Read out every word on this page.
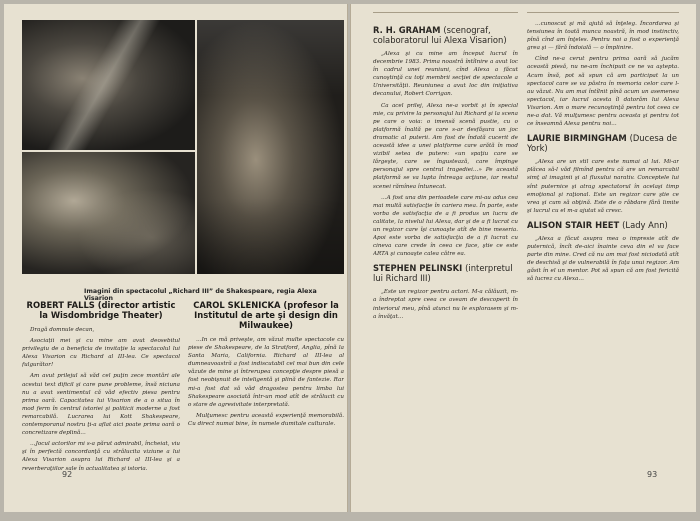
Imagini din spectacolul „Richard III” de Shakespeare, regia Alexa Visarion
ROBERT FALLS (director artistic la Wisdombridge Theater)

Dragă domnule decan,

Asociații mei şi cu mine am avut deosebitul privilegiu de a beneficia de invitaţie la spectacolul lui Alexa Visarion cu Richard al III-lea. Ce spectacol fulgurător!

Am avut prilejul să văd cel puţin zece montări ale acestui text dificil şi care pune probleme, însă niciuna nu a avut sentimentul că văd efectiv piesa pentru prima oară. Capacitatea lui Visarion de a o situa în mod ferm în centrul istoriei şi politicii moderne a fost remarcabilă. Lucrarea lui Kott Shakespeare, contemporanul nostru ţi-a aflat aici poate prima oară o concretizare deplină…

…Jocul actorilor mi s-a părut admirabil, încheiat, viu şi în perfectă concordanţă cu strălucita viziune a lui Alexa Visarion asupra lui Richard al III-lea şi a reverberaţiilor sale în actualitatea şi istoria.

CAROL SKLENICKA (profesor la Institutul de arte şi design din Milwaukee)

…In ce mă priveşte, am văzut multe spectacole cu piese de Shakespeare, de la Stratford, Anglia, pînă la Santa Maria, California. Richard al III-lea al dumneavoastră a fost indiscutabil cel mai bun din cele văzute de mine şi întrerupea concepţie despre piesă a fost neobişnuit de inteligentă şi plină de fantezie. Rar mi-a fost dat să văd dragostea pentru limba lui Shakespeare asociată într-un mod atît de strălucit cu o stare de agresivitate interpretată.

Mulţumesc pentru această experienţă memorabilă. Cu direct numai bine, în numele dumitale culturale.

92
R. H. GRAHAM (scenograf, colaboratorul lui Alexa Visarion)

„Alexa şi cu mine am început lucrul în decembrie 1983. Prima noastră întîlnire a avut loc în cadrul unei reuniuni, cînd Alexa a făcut cunoştinţă cu toţi membrii secţiei de spectacole a Universităţii. Reuniunea a avut loc din iniţiativa decanului, Robert Corrigan.

Ca acel prilej, Alexa ne-a vorbit şi în special mie, cu privire la personajul lui Richard şi la scena pe care o voia: o imensă scenă pustie, cu o platformă înaltă pe care s-ar desfăşura un joc dramatic al puterii. Am fost de îndată cucerit de această idee a unei platforme care arătă în mod vizibil setea de putere: «un spaţiu care se lărgeşte, care se îngustează, care împinge personajul spre centrul tragediei…» Pe această platformă se va lupta întreaga acţiune, iar restul scenei rămînea întunecat.

…A fost una din perioadele care mi-au adus cea mai multă satisfacţie în cariera mea. În parte, este vorba de satisfacţia de a fi produs un lucru de calitate, la nivelul lui Alexa, dar şi de a fi lucrat cu un regizor care îşi cunoaşte atît de bine meseria. Apoi este vorba de satisfacţia de a fi lucrat cu cineva care crede în ceea ce face, ştie ce este ARTA şi cunoaşte calea către ea.

STEPHEN PELINSKI (interpretul lui Richard III)

„Este un regizor pentru actori. M-a călăuzit, m-a îndreptat spre ceea ce aveam de descoperit în interiorul meu, pînă atunci nu le explorasem şi m-a învăţat…

…cunoscut şi mă ajută să înţeleg. Încordarea şi tensiunea în toată munca noastră, în mod instinctiv, pînă cînd am înţeles. Pentru noi a fost o experienţă grea şi — fără îndoială — o împlinire.

Cînd ne-a cerut pentru prima oară să jucăm această piesă, nu ne-am închipuit ce ne va aştepta. Acum însă, pot să spun că am participat la un spectacol care se va păstra în memoria celor care l-au văzut. Nu am mai întîlnit pînă acum un asemenea spectacol, iar lucrul acesta îl datorăm lui Alexa Visarion. Am o mare recunoştinţă pentru tot ceea ce ne-a dat. Vă mulţumesc pentru aceasta şi pentru tot ce înseamnă Alexa pentru noi…

LAURIE BIRMINGHAM (Ducesa de York)

„Alexa are un stil care este numai al lui. Mi-ar plăcea să-l văd filmînd pentru că are un remarcabil simţ al imaginii şi al fluxului narativ. Conceptele lui sînt puternice şi atrag spectatorul în acelaşi timp emoţional şi raţional. Este un regizor care ştie ce vrea şi cum să obţină. Este de o răbdare fără limite şi lucrul cu el m-a ajutat să cresc.

ALISON STAIR HEET (Lady Ann)

„Alexa a făcut asupra mea o impresie atît de puternică, încît de-aici înainte ceva din el va face parte din mine. Cred că nu am mai fost niciodată atît de deschisă şi de vulnerabilă în faţa unui regizor. Am găsit în el un mentor. Pot să spun că am fost fericită să lucrez cu Alexa…

93
